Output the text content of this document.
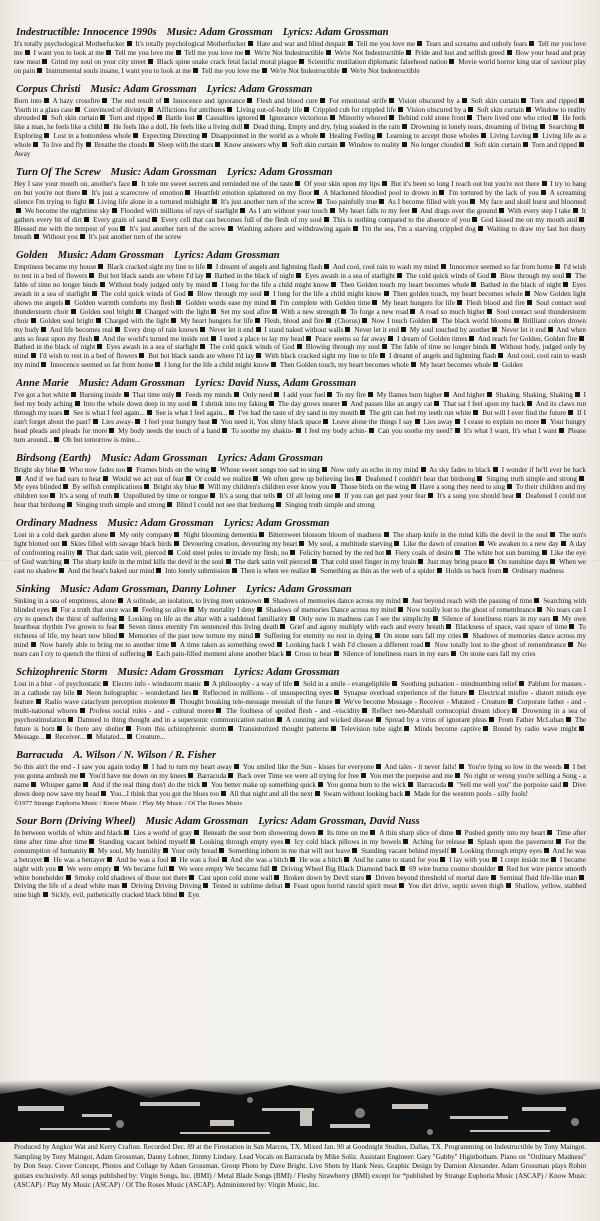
Indestructible: Innocence 1990s Music: Adam Grossman Lyrics: Adam Grossman
It's totally psychological Motherfucker It's totally psychological Motherfucker Hate and war and blind despair Tell me you love me Tears and screams and unholy fears Tell me you love me I want you to look at me Tell me you love me Tell me you love me We're Not Indestructible We're Not Indestructible Pride and lust and selfish greed Bow your head and pray raw meat Grind my soul on your city street Black spine snake crack fetal facial moral plague Scientific mutilation diplomatic falsehood nation Movie world horror king star of saviour play on pain Instrumental souls insane, I want you to look at me Tell me you love me We're Not Indestructible We're Not Indestructible
Corpus Christi Music: Adam Grossman Lyrics: Adam Grossman
Born into A hazy crossfire The end result of Innocence and ignorance Flesh and blood cure For emotional strife Vision obscured by a Soft skin curtain Torn and ripped Youth in a glass case Convinced of divinity Afflictions for attributes Living out-of-body life Crippled cub for crippled life Vision obscured by a Soft skin curtain Window to reality shrouded Soft skin curtain Torn and ripped Battle lost Casualties ignored Ignorance victorious Minority whored Behind cold stone front There lived one who cried He feels like a man, he feels like a child He feels like a doll, He feels like a living doll Dead thing, Empty and dry, lying soaked in the rain Drowning in lonely tears, dreaming of living Searching Exploring Lost in a bottomless whole Expecting Directing Disappointed in the world as a whole Healing Feeling Learning to accept those wholes Living Loving Living life as a whole To live and fly Breathe the clouds Sleep with the stars Know answers why Soft skin curtain Window to reality No longer clouded Soft skin curtain Torn and ripped Away
Turn Of The Screw Music: Adam Grossman Lyrics: Adam Grossman
Hey I saw your mouth on, another's face It tole me sweet secrets and reminded me of the taste Of your skin upon my lips But it's been so long I reach out but you're not there I try to hang on but you're not there It's just a scarecrow of emotion Heartfelt emotion splattered on my floor A blackened bloodied pool to drown in I'm tortured by the lack of you A screaming silence I'm trying to fight Living life alone in a tortured midnight It's just another turn of the screw Too painfully true As I become filled with you My face and skull burst and bloomed We become the nighttime sky Flooded with millions of rays of starlight As I am without your touch My heart falls to my feet And drags over the ground With every step I take It gathers every bit of dirt Every grain of sand Every cell that can becomes full of the flesh of my soul This is nothing compared to the absence of you God kissed me on my mouth and Blessed me with the tempest of you It's just another turn of the screw Washing ashore and withdrawing again I'm the sea, I'm a starving crippled dog Waiting to draw my last hot dusty breath Without you It's just another turn of the screw
Golden Music: Adam Grossman Lyrics: Adam Grossman
Emptiness became my house Black cracked sight my line to life I dreamt of angels and lightning flash And cool, cool rain to wash my mind Innocence seemed so far from home I'd wish to rest in a bed of flowers But hot black sands are where I'd lay Bathed in the black of night Eyes awash in a sea of starlight The cold quick winds of God Blow through my soul The fable of time no longer binds Without body judged only by mind I long for the life a child might know Then Golden touch my heart becomes whole Bathed in the black of night Eyes awash in a sea of starlight The cold quick winds of God Blow through my soul I long for the life a child might know Then golden touch, my heart becomes whole Now Golden light shows me angels Golden warmth comforts my flesh Golden words ease my mind I'm complete with Golden time My heart hungers for life Flesh blood and fire Soul contact soul thunderstorm choir Golden soul bright Charged with the light Set my soul afire With a new strength To forge a new road A road so much higher Soul contact soul thunderstorm choir Golden soul bright Charged with the light My heart hungers for life Flesh, blood and fire (Chorus) Now I touch Golden The black world blooms Brilliant colors drown my body And life becomes real Every drop of rain known Never let it end I stand naked without walls Never let it end My soul touched by another Never let it end And when ants so feast upon my flesh And the world's turned me inside out I need a place to lay my head Peace seems so far away I dream of Golden times And reach for Golden, Golden fire Bathed in the black of night Eyes awash in a sea of starlight The cold quick winds of God Blowing through my soul The fable of time no longer binds Without body, judged only by mind I'd wish to rest in a bed of flowers But hot black sands are where I'd lay With black cracked sight my line to life I dreamt of angels and lightning flash And cool, cool rain to wash my mind Innocence seemed so far from home I long for the life a child might know Then Golden touch, my heart becomes whole My heart becomes whole Golden
Anne Marie Music: Adam Grossman Lyrics: David Nuss, Adam Grossman
I've got a hot white Burning inside That time only Feeds my minds Only need I add your fuel To my fire My flames burn higher And higher Shaking, Shaking, Shaking I feel my body aching Into the whole down deep in my soul I shrink into my faking The day grows nearer And passes like an angry cat That sat I feel upon my back And its claws run through my tears See is what I feel again... See is what I feel again... I've had the taste of dry sand in my mouth The grit can feel my teeth run white But will I ever find the future If I can't forget about the past? Lies away- I feel your hungry heat You need it, You slimy black space Leave alone the things I say Lies away I cease to explain no more Your hungry head pleads and pleads for more My body needs the touch of a hand To soothe my shakin- I feel my body achin- Can you soothe my need? It's what I want, It's what I want Please turn around... Oh but tomorrow is mine...
Birdsong (Earth) Music: Adam Grossman Lyrics: Adam Grossman
Bright sky blue Who now fades too Frames birds on the wing Whose sweet songs too sad to sing Now only an echo in my mind As sky fades to black I wonder if he'll ever be back And if we had ears to hear Would we act out of fear Or could we realize We often grew up believing lies Deafened I couldn't hear that birdsong Singing truth simple and strong My eyes blinded By selfish complications Bright sky blue Will my children's children ever know you Those birds on the wing Have a song they need to sing To their children and my children too It's a song of truth Unpolluted by time or tongue It's a song that tells Of all being one If you can get past your fear It's a song you should hear Deafened I could not hear that birdsong Singing truth simple and strong Blind I could not see that birdsong Singing truth simple and strong
Ordinary Madness Music: Adam Grossman Lyrics: Adam Grossman
Lost in a cold dark garden alone My only company Night blooming dementia Bittersweet blossom bloom of madness The sharp knife in the mind kills the devil in the soul The sun's light blotted out Skies filled with savage black birds Devouring creation, devouring my heart My soul, a multitude starving Like the dawn of creation We awaken to a new day A day of confronting reality That dark satin veil, pierced Cold steel poles to invade my flesh, no Felicity burned by the red hot Fiery coals of desire The white hot sun burning Like the eye of God watching The sharp knife in the mind kills the devil in the soul The dark satin veil pierced That cold steel finger in my brain Just may bring peace On sunshine days When we cast no shadow And the heat's baked our mind Into lonely submission Then is when we realize Something as thin as the web of a spider Holds us back from Ordinary madness
Sinking Music: Adam Grossman, Danny Lohner Lyrics: Adam Grossman
Sinking in a sea of emptiness, alone A solitude, an isolation, to living men unknown Shadows of memories dance across my mind Just beyond reach with the passing of time Searching with blinded eyes For a truth that once was Feeling so alive My mortality I deny Shadows of memories Dance across my mind Now totally lost to the ghost of remembrance No tears can I cry to quench the thirst of suffering Looking on life as the altar with a saddened familiarity Only now in madness can I see the simplicity Silence of loneliness roars in my ears My own heartbeat rhythm I've grown to fear Seven times eternity I'm sentenced this living death Grief and agony multiply with each and every breath Blackness of space, vast space of time To richness of life, my heart now blind Memories of the past now torture my mind Suffering for eternity no rest in dying On stone ears fall my cries Shadows of memories dance across my mind Now barely able to bring me to another time A time taken as something owed Looking back I wish I'd chosen a different road Now totally lost to the ghost of remembrance No tears can I cry to quench the thirst of suffering Each pain-filled moment alone another black Cross to bear Silence of loneliness roars in my ears On stone ears fall my cries
Schizophrenic Storm Music: Adam Grossman Lyrics: Adam Grossman
Lost in a blur - of psychostatic Electro info - windstorm manic A philosophy - a way of life Sold in a smile - evangeliphile Soothing pulsation - mindnumbing relief Pablum for masses - in a cathode ray bile Neon holographic - wonderland lies Reflected in millions - of unsuspecting eyes Synapse overload experience of the future Electrical misfire - distort minds eye feature Radio wave cataclysm perception molester Thought breaking tele-message messiah of the future We've become Message - Receiver - Mutated - Creature Corporate father - and - multi-national whores Profess social rules - and - cultural mores The foulness of spoiled flesh - and -viscidity Reflect neo-Marshall cornucopial dream idiocy Drowning in a sea of psychostimulation Damned to thing thought and in a supersonic communication nation A cunning and wicked disease Spread by a virus of ignorant pleas From Father McLuhan The future is born Is there any shelter From this schizophrenic storm Transistorized thought patterns Television tube sight Minds become captive Bound by radio wave might Message... Receiver... Mutated... Creature...
Barracuda A. Wilson / N. Wilson / R. Fisher
So this ain't the end - I saw you again today I had to turn my heart away You smiled like the Sun - kisses for everyone And tales - it never fails! You're lying so low in the weeds I bet you gonna ambush me You'd have me down on my knees Barracuda Back over Time we were all trying for free You met the porpoise and me No right or wrong you're selling a Song - a name Whisper game And if the real thing don't do the trick You better make up something quick You gonna burn to the wick Barracuda "Sell me well you" the porpoise said Dive down deep now save my head You...I think that you got the blues too All that night and all the next Swam without looking back Made for the western pools - silly fools!
©1977 Strange Euphoria Music / Know Music / Play My Music / Of The Roses Music
Sour Born (Driving Wheel) Music Adam Grossman Lyrics: Adam Grossman, David Nuss
In between worlds of white and black Lies a world of gray Beneath the sour born showering down Its time on me A thin sharp slice of dime Pushed gently into my heart Time after time after time after time Standing vacant behind myself Looking through empty eyes Icy cold black pillows in my bowels Aching for release Splash upon the pavement For the consumption of humanity My soul, My humility Your only bread Something inborn in me that will not leave Standing vacant behind myself Looking through empty eyes And he was a betrayer He was a betrayer And he was a fool He was a fool And she was a bitch He was a bitch And he came to stand for you I lay with you I crept inside me I became night with you We were empty We became full We were empty We became full Driving Wheel Big Black Diamond back 69 wire burns cosmo shoulder Red hot wire pierce smooth white boneholder Smoky cold shadows of those not there Cast upon cold stone wall Broken down by Devil stare Driven beyond threshold of mortal dare Seminal fluid life-like man Driving the life of a dead white man Driving Driving Driving Tested in sublime defeat Feast upon horrid rancid spirit meat You dirt drive, septic seven thigh Shallow, yellow, stabbed nine high Sickly, evil, pathetically cracked black blind Eye.
Produced by Angkor Wat and Kerry Crafton. Recorded Dec. 89 at the Firestation in San Marcos, TX. Mixed Jan. 90 at Goodnight Studios, Dallas, TX. Programming on Indestructible by Tony Maingot. Sampling by Tony Maingot, Adam Grossman, Danny Lohner, Jimmy Lindsey. Lead Vocals on Barracuda by Mike Soliz. Assistant Engineer: Gary "Gabby" Higinbotham. Piano on "Ordinary Madness" by Don Seay. Cover Concept, Photos and Collage by Adam Grossman. Group Photo by Dave Bright. Live Shots by Hank Ness. Graphic Design by Damion Alexander. Adam Grossman plays Robin guitars exclusively. All songs published by: Virgin Songs, Inc. (BMI) / Metal Blade Songs (BMI) / Fleshy Strawberry (BMI) except for *published by Strange Euphoria Music (ASCAP) / Know Music (ASCAP) / Play My Music (ASCAP) / Of The Roses Music (ASCAP). Administered by: Virgin Music, Inc.
